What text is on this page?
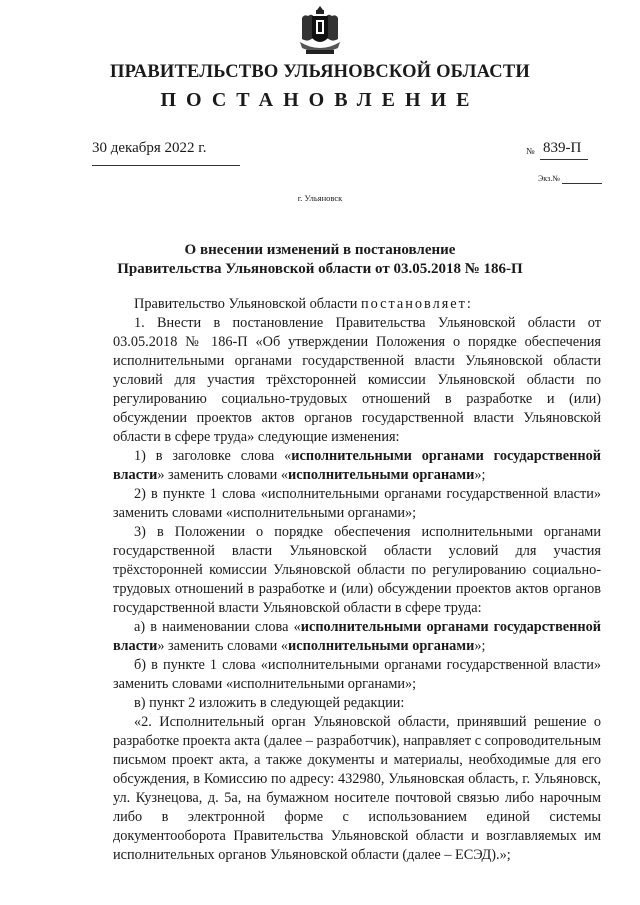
ПРАВИТЕЛЬСТВО УЛЬЯНОВСКОЙ ОБЛАСТИ
ПОСТАНОВЛЕНИЕ
30 декабря 2022 г.	№ 839-П
Экз.№
г. Ульяновск
О внесении изменений в постановление
Правительства Ульяновской области от 03.05.2018 № 186-П

Правительство Ульяновской области постановляет:

1. Внести в постановление Правительства Ульяновской области от 03.05.2018 № 186-П «Об утверждении Положения о порядке обеспечения исполнительными органами государственной власти Ульяновской области условий для участия трёхсторонней комиссии Ульяновской области по регулированию социально-трудовых отношений в разработке и (или) обсуждении проектов актов органов государственной власти Ульяновской области в сфере труда» следующие изменения:

1) в заголовке слова «исполнительными органами государственной власти» заменить словами «исполнительными органами»;

2) в пункте 1 слова «исполнительными органами государственной власти» заменить словами «исполнительными органами»;

3) в Положении о порядке обеспечения исполнительными органами государственной власти Ульяновской области условий для участия трёхсторонней комиссии Ульяновской области по регулированию социально-трудовых отношений в разработке и (или) обсуждении проектов актов органов государственной власти Ульяновской области в сфере труда:

а) в наименовании слова «исполнительными органами государственной власти» заменить словами «исполнительными органами»;

б) в пункте 1 слова «исполнительными органами государственной власти» заменить словами «исполнительными органами»;

в) пункт 2 изложить в следующей редакции:

«2. Исполнительный орган Ульяновской области, принявший решение о разработке проекта акта (далее – разработчик), направляет с сопроводительным письмом проект акта, а также документы и материалы, необходимые для его обсуждения, в Комиссию по адресу: 432980, Ульяновская область, г. Ульяновск, ул. Кузнецова, д. 5а, на бумажном носителе почтовой связью либо нарочным либо в электронной форме с использованием единой системы документооборота Правительства Ульяновской области и возглавляемых им исполнительных органов Ульяновской области (далее – ЕСЭД).»;
